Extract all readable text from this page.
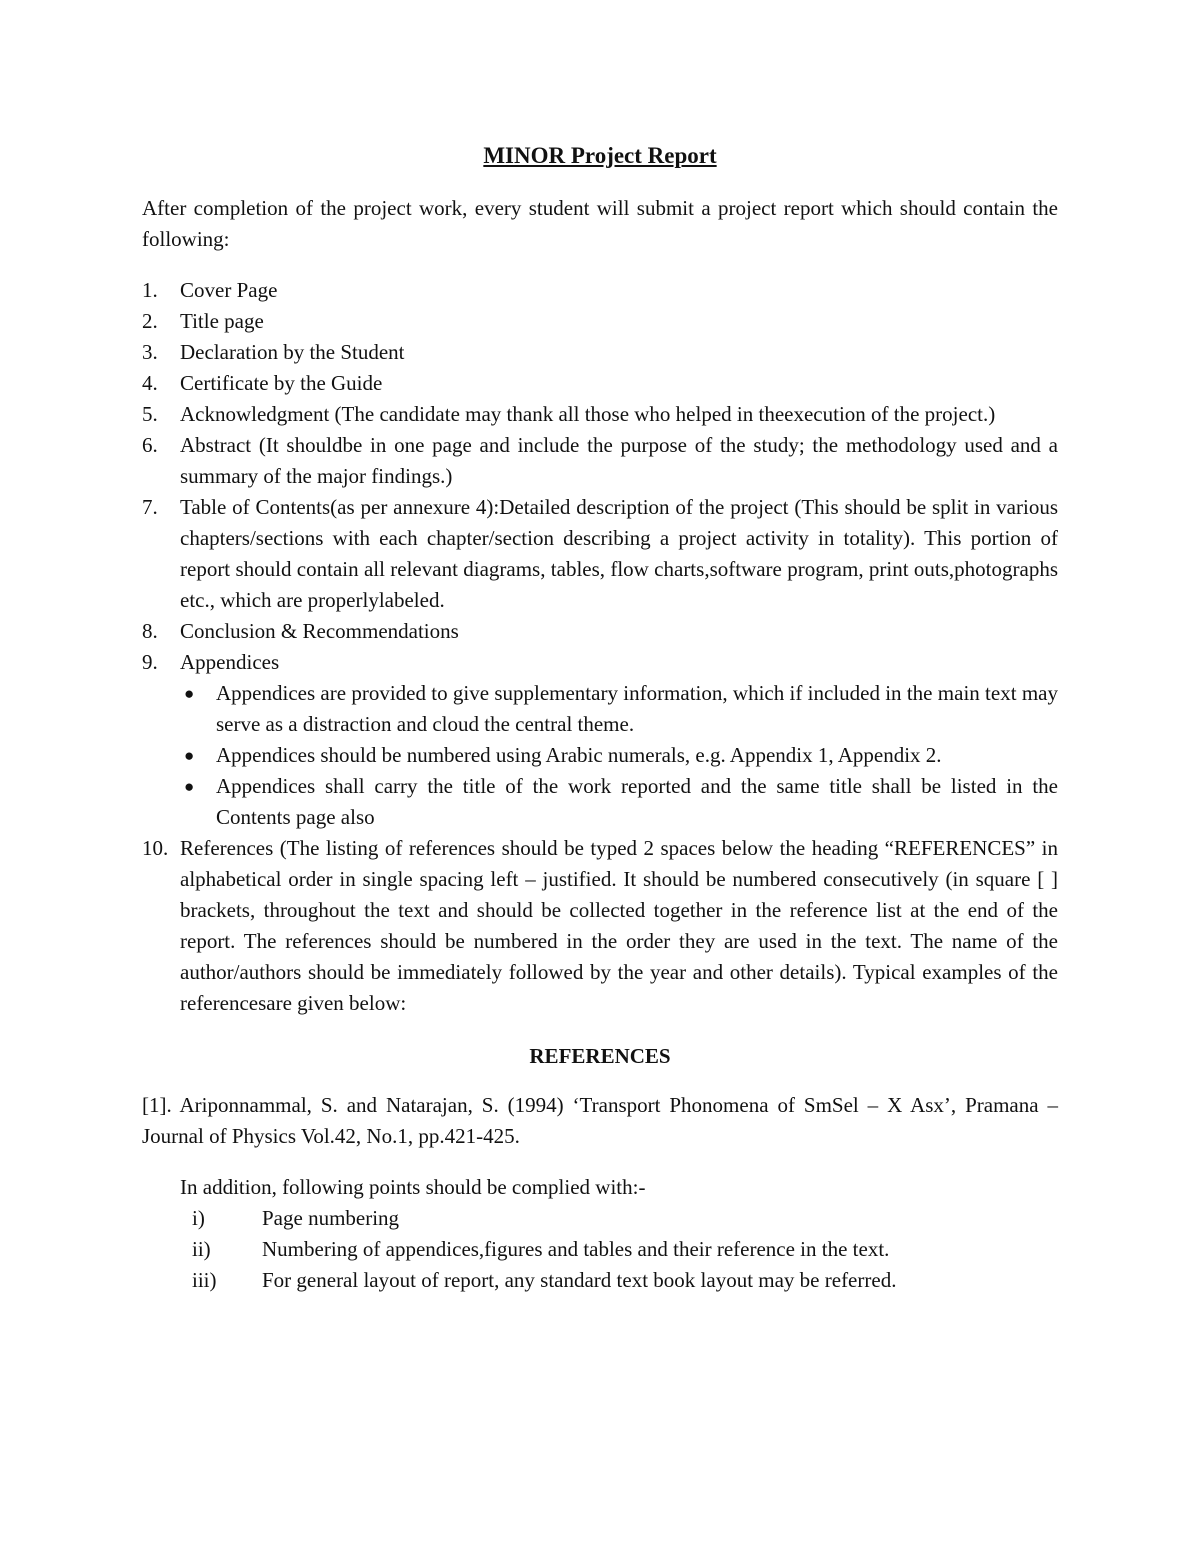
MINOR Project Report

After completion of the project work, every student will submit a project report which should contain the following:

1.	Cover Page
2.	Title page
3.	Declaration by the Student
4.	Certificate by the Guide
5.	Acknowledgment (The candidate may thank all those who helped in theexecution of the project.)
6.	Abstract (It shouldbe in one page and include the purpose of the study; the methodology used and a summary of the major findings.)
7.	Table of Contents(as per annexure 4):Detailed description of the project (This should be split in various chapters/sections with each chapter/section describing a project activity in totality). This portion of report should contain all relevant diagrams, tables, flow charts,software program, print outs,photographs etc., which are properlylabeled.
8.	Conclusion & Recommendations
9.	Appendices
● Appendices are provided to give supplementary information, which if included in the main text may serve as a distraction and cloud the central theme.
● Appendices should be numbered using Arabic numerals, e.g. Appendix 1, Appendix 2.
● Appendices shall carry the title of the work reported and the same title shall be listed in the Contents page also
10. References (The listing of references should be typed 2 spaces below the heading “REFERENCES” in alphabetical order in single spacing left – justified. It should be numbered consecutively (in square [ ] brackets, throughout the text and should be collected together in the reference list at the end of the report. The references should be numbered in the order they are used in the text. The name of the author/authors should be immediately followed by the year and other details). Typical examples of the referencesare given below:
REFERENCES

[1]. Ariponnammal, S. and Natarajan, S. (1994) ‘Transport Phonomena of SmSel – X Asx’, Pramana – Journal of Physics Vol.42, No.1, pp.421-425.

In addition, following points should be complied with:-
i)	Page numbering
ii) Numbering of appendices,figures and tables and their reference in the text.
iii) For general layout of report, any standard text book layout may be referred.
